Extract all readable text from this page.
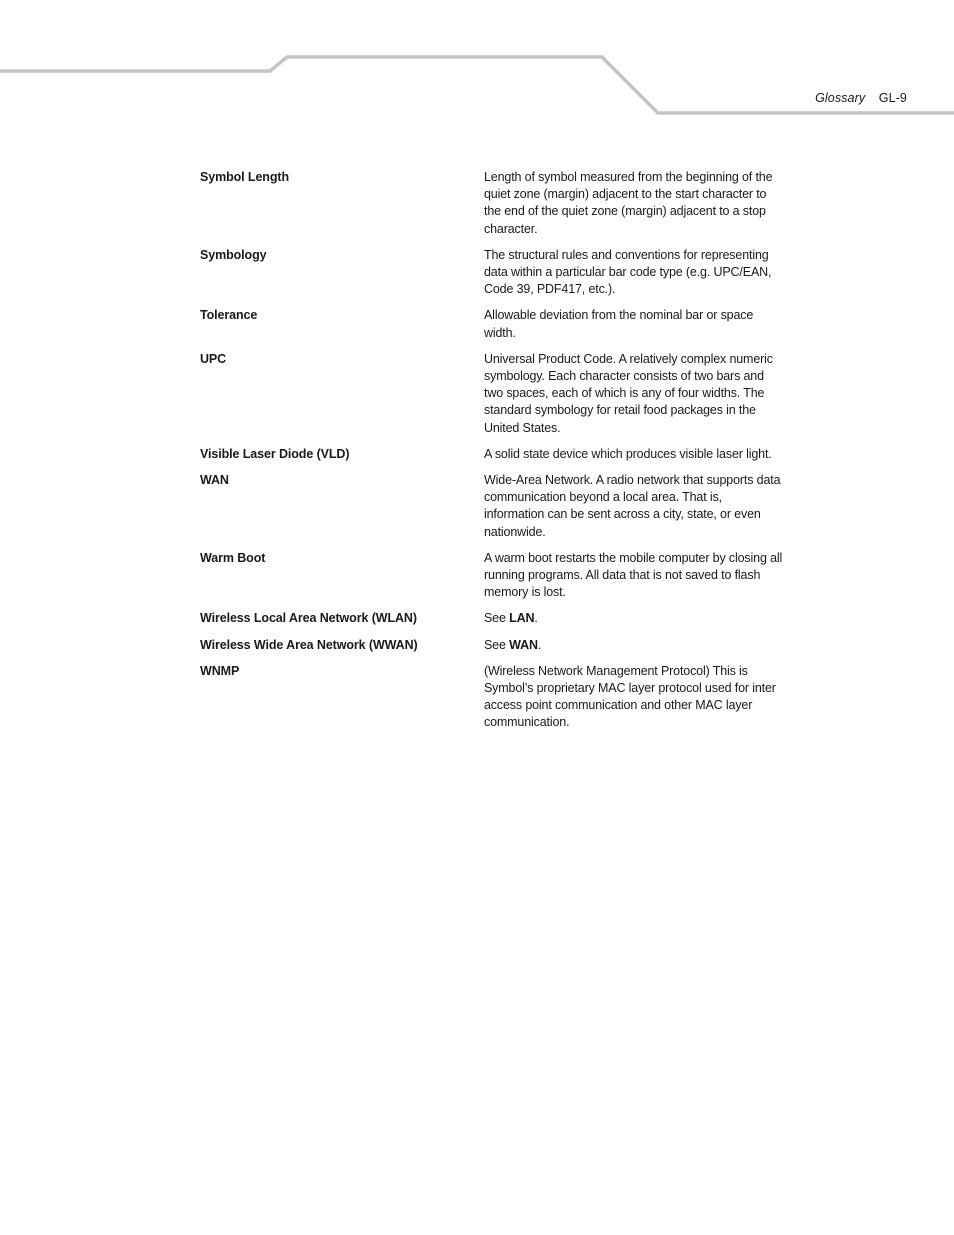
Glossary GL-9
Symbol Length	Length of symbol measured from the beginning of the quiet zone (margin) adjacent to the start character to the end of the quiet zone (margin) adjacent to a stop character.
Symbology	The structural rules and conventions for representing data within a particular bar code type (e.g. UPC/EAN, Code 39, PDF417, etc.).
Tolerance	Allowable deviation from the nominal bar or space width.
UPC	Universal Product Code. A relatively complex numeric symbology. Each character consists of two bars and two spaces, each of which is any of four widths. The standard symbology for retail food packages in the United States.
Visible Laser Diode (VLD)	A solid state device which produces visible laser light.
WAN	Wide-Area Network. A radio network that supports data communication beyond a local area. That is, information can be sent across a city, state, or even nationwide.
Warm Boot	A warm boot restarts the mobile computer by closing all running programs. All data that is not saved to flash memory is lost.
Wireless Local Area Network (WLAN)	See LAN.
Wireless Wide Area Network (WWAN)	See WAN.
WNMP	(Wireless Network Management Protocol) This is Symbol’s proprietary MAC layer protocol used for inter access point communication and other MAC layer communication.
